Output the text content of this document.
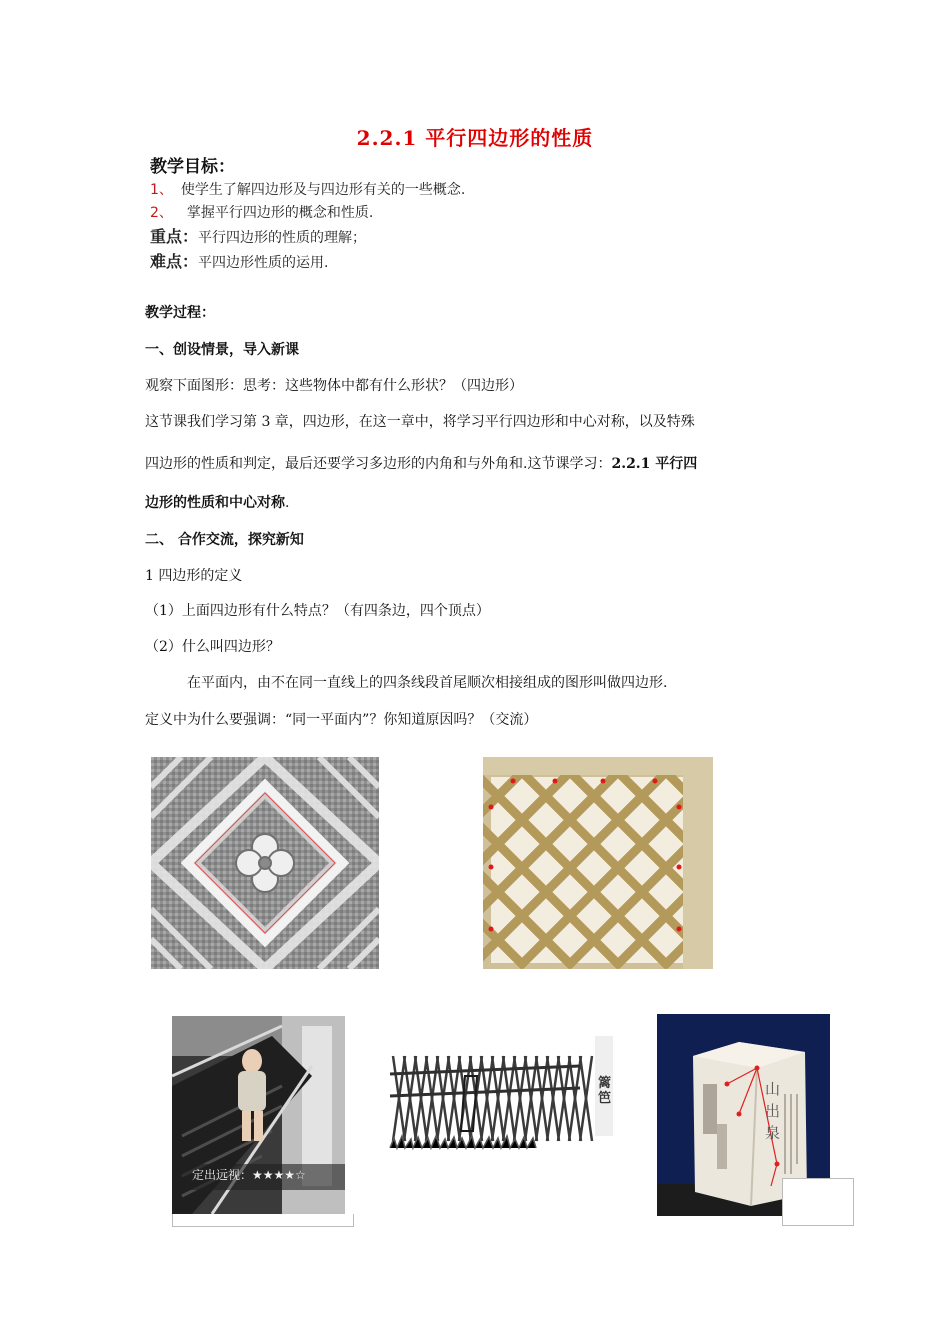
2.2.1 平行四边形的性质
教学目标：
1、 使学生了解四边形及与四边形有关的一些概念.
2、 掌握平行四边形的概念和性质.
重点：平行四边形的性质的理解；
难点：平四边形性质的运用.
教学过程：
一、创设情景，导入新课
观察下面图形：思考：这些物体中都有什么形状？（四边形）
这节课我们学习第 3 章，四边形，在这一章中，将学习平行四边形和中心对称，以及特殊
四边形的性质和判定，最后还要学习多边形的内角和与外角和.这节课学习：2.2.1 平行四
边形的性质和中心对称.
二、 合作交流，探究新知
1 四边形的定义
（1）上面四边形有什么特点？（有四条边，四个顶点）
（2）什么叫四边形？
在平面内，由不在同一直线上的四条线段首尾顺次相接组成的图形叫做四边形.
定义中为什么要强调：“同一平面内”？你知道原因吗？（交流）
定出远视：★★★★☆
篱笆
山出泉
